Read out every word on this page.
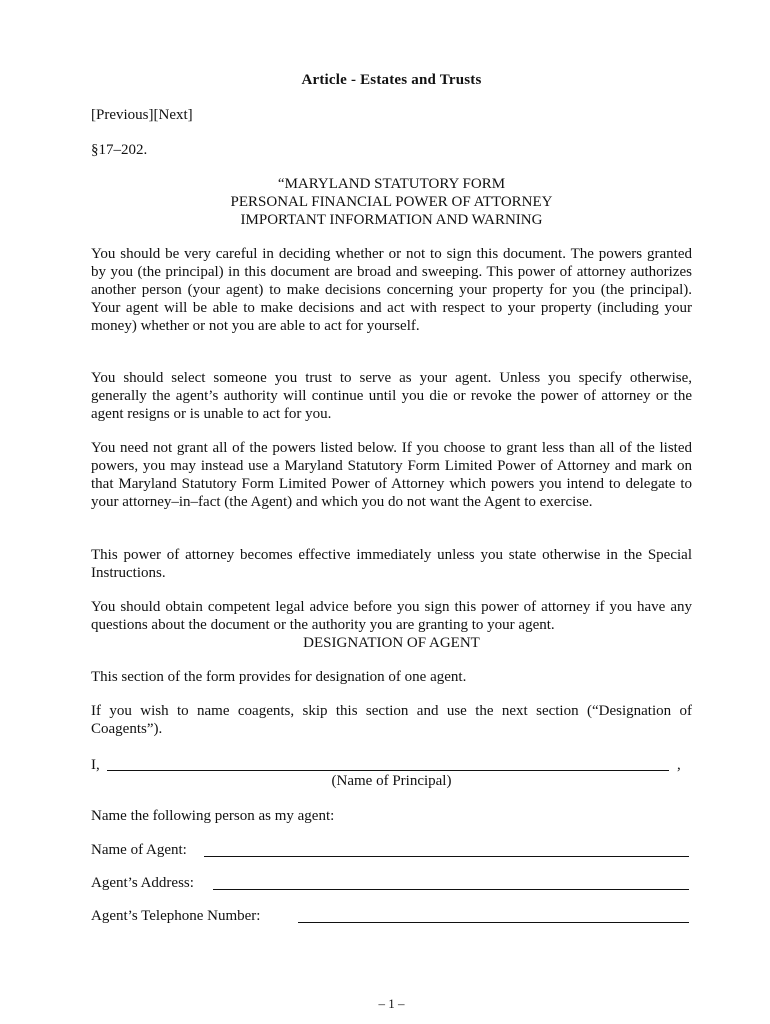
Article - Estates and Trusts
[Previous][Next]
§17–202.
“MARYLAND STATUTORY FORM
PERSONAL FINANCIAL POWER OF ATTORNEY
IMPORTANT INFORMATION AND WARNING
You should be very careful in deciding whether or not to sign this document. The powers granted by you (the principal) in this document are broad and sweeping. This power of attorney authorizes another person (your agent) to make decisions concerning your property for you (the principal). Your agent will be able to make decisions and act with respect to your property (including your money) whether or not you are able to act for yourself.
You should select someone you trust to serve as your agent. Unless you specify otherwise, generally the agent’s authority will continue until you die or revoke the power of attorney or the agent resigns or is unable to act for you.
You need not grant all of the powers listed below. If you choose to grant less than all of the listed powers, you may instead use a Maryland Statutory Form Limited Power of Attorney and mark on that Maryland Statutory Form Limited Power of Attorney which powers you intend to delegate to your attorney–in–fact (the Agent) and which you do not want the Agent to exercise.
This power of attorney becomes effective immediately unless you state otherwise in the Special Instructions.
You should obtain competent legal advice before you sign this power of attorney if you have any questions about the document or the authority you are granting to your agent.
DESIGNATION OF AGENT
This section of the form provides for designation of one agent.
If you wish to name coagents, skip this section and use the next section (“Designation of Coagents”).
I,	,
(Name of Principal)
Name the following person as my agent:
Name of Agent:
Agent’s Address:
Agent’s Telephone Number:
– 1 –
